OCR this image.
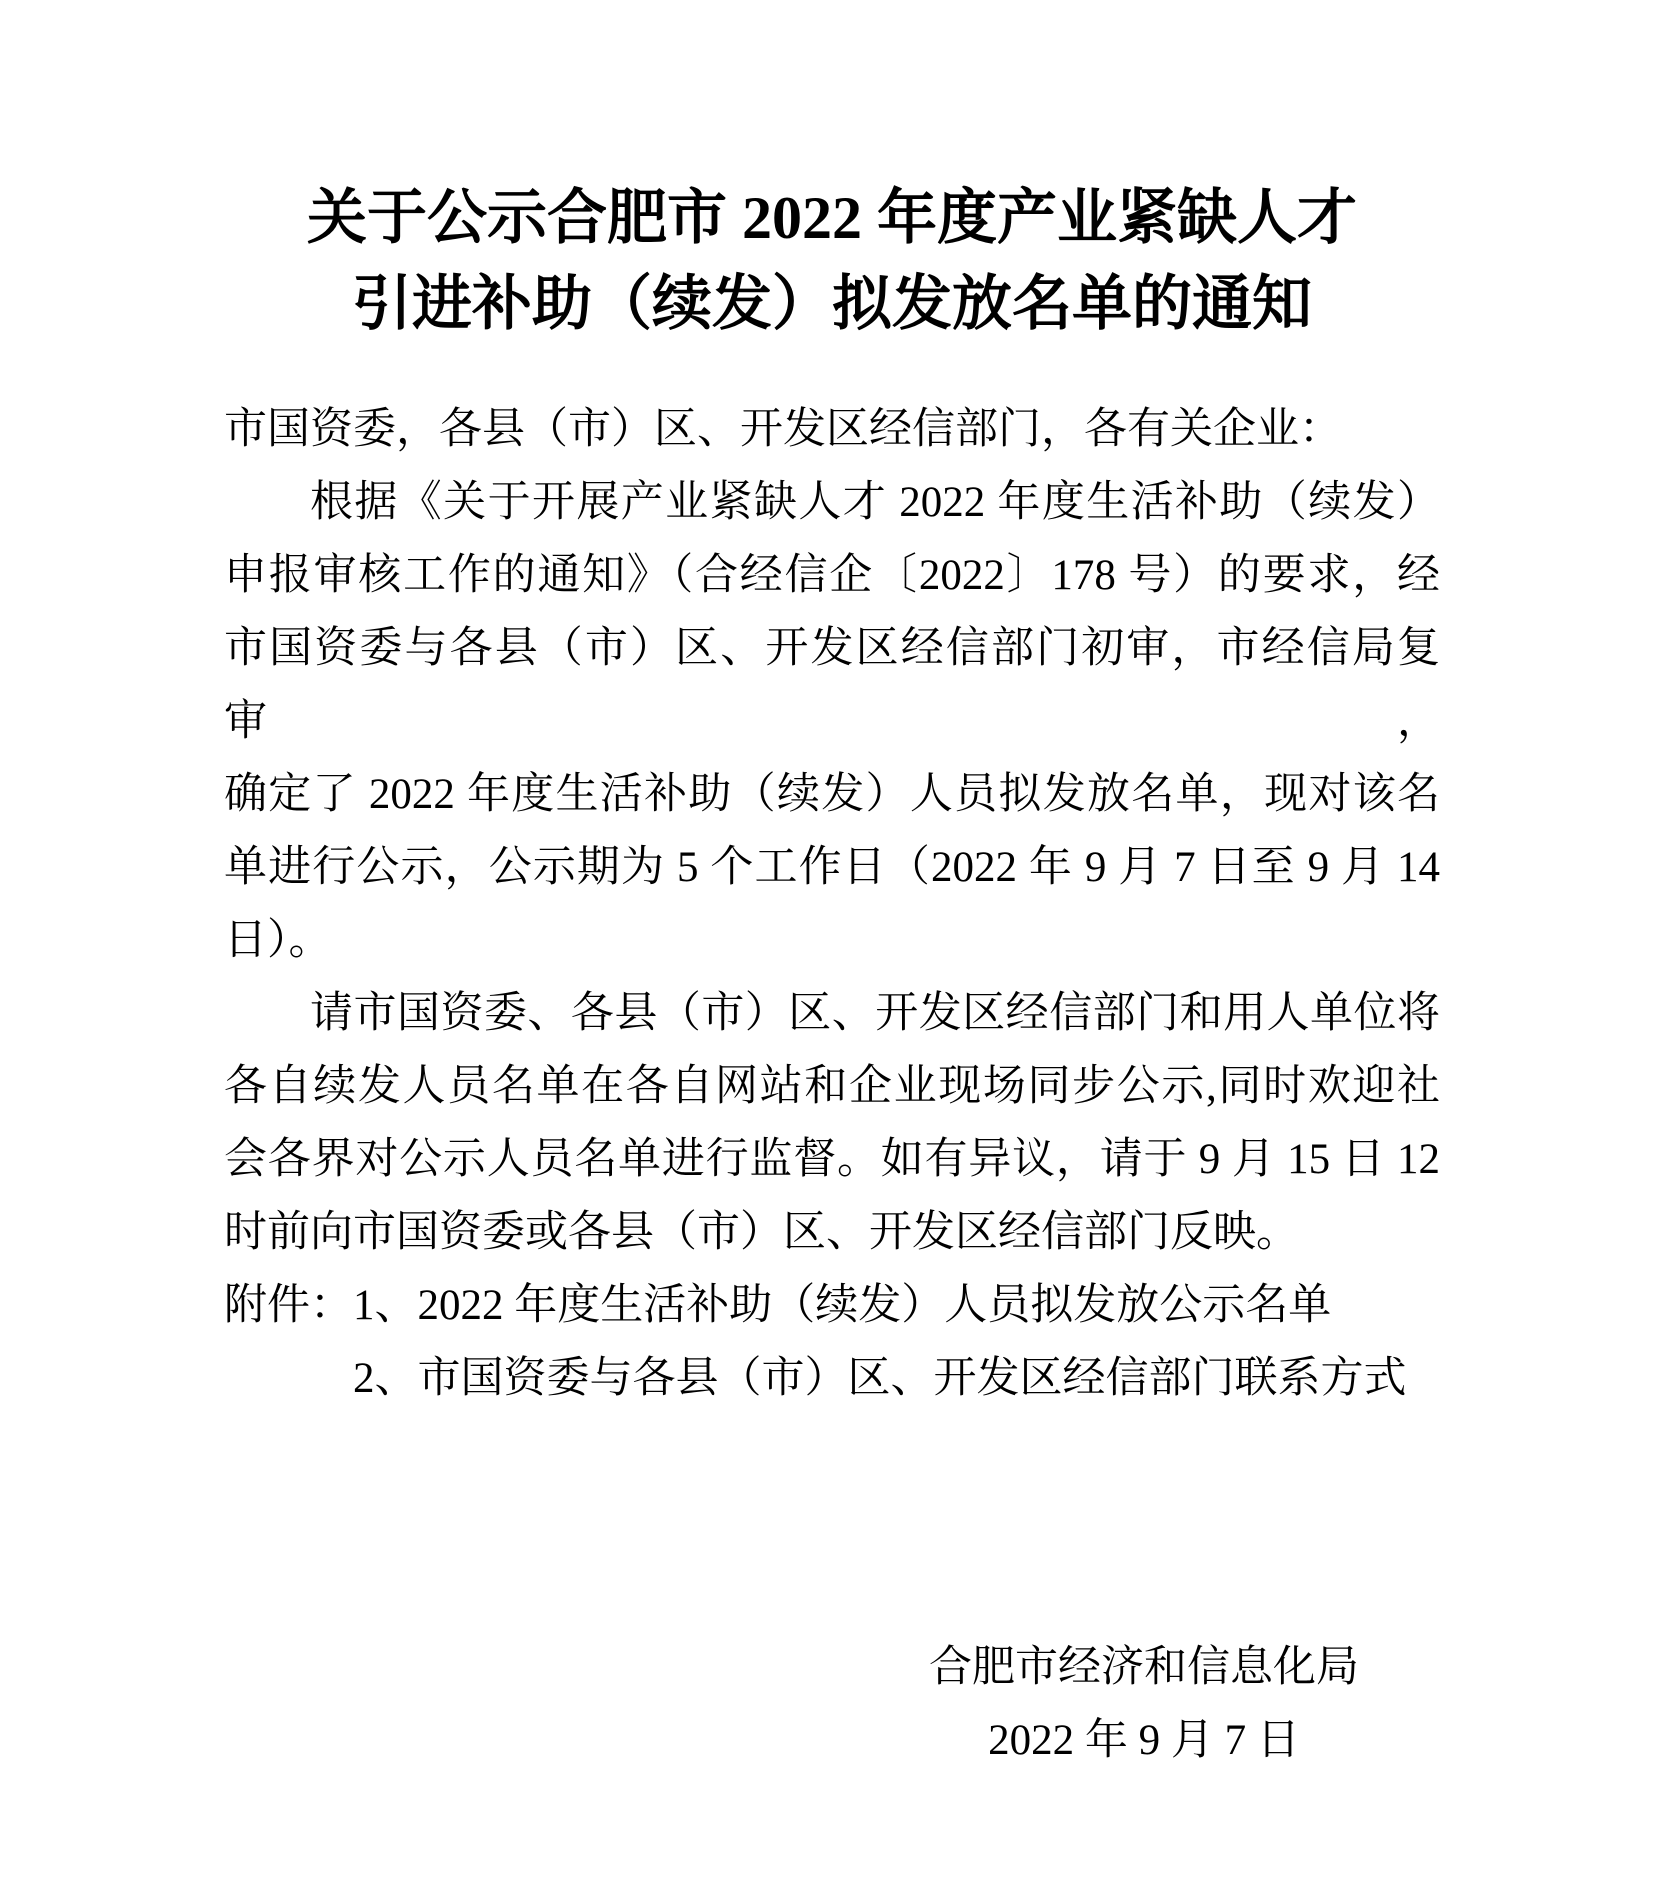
关于公示合肥市 2022 年度产业紧缺人才
引进补助（续发）拟发放名单的通知
市国资委，各县（市）区、开发区经信部门，各有关企业：
根据《关于开展产业紧缺人才 2022 年度生活补助（续发）
申报审核工作的通知》（合经信企〔2022〕178 号）的要求，经
市国资委与各县（市）区、开发区经信部门初审，市经信局复审，
确定了 2022 年度生活补助（续发）人员拟发放名单，现对该名
单进行公示，公示期为 5 个工作日（2022 年 9 月 7 日至 9 月 14
日）。
请市国资委、各县（市）区、开发区经信部门和用人单位将
各自续发人员名单在各自网站和企业现场同步公示,同时欢迎社
会各界对公示人员名单进行监督。如有异议，请于 9 月 15 日 12
时前向市国资委或各县（市）区、开发区经信部门反映。
附件：1、2022 年度生活补助（续发）人员拟发放公示名单
2、市国资委与各县（市）区、开发区经信部门联系方式
合肥市经济和信息化局
2022 年 9 月 7 日
